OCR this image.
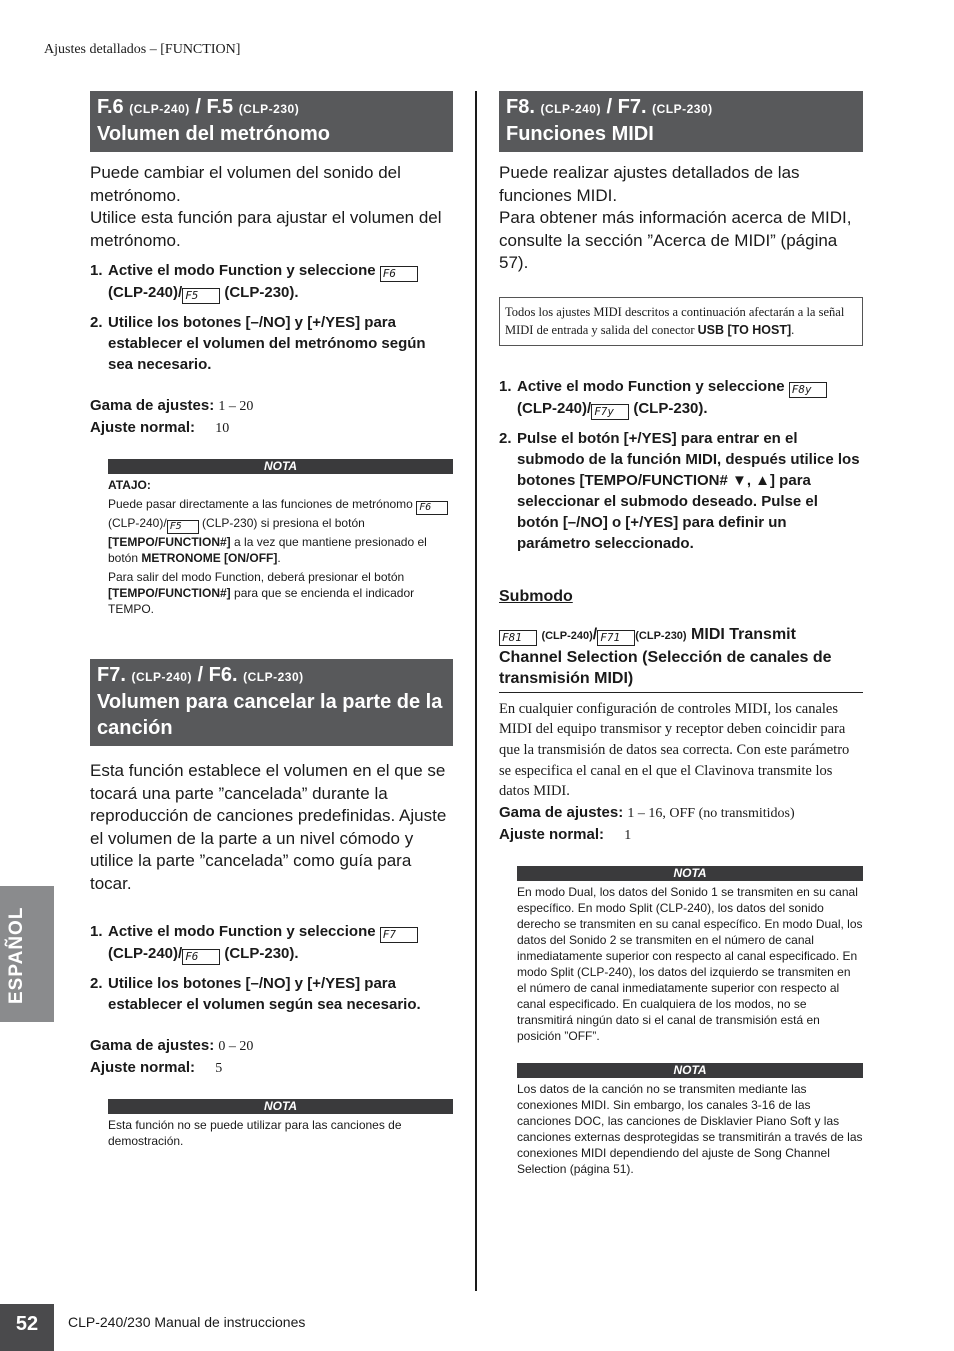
Ajustes detallados – [FUNCTION]
F.6 (CLP-240) / F.5 (CLP-230)
Volumen del metrónomo
Puede cambiar el volumen del sonido del metrónomo.
Utilice esta función para ajustar el volumen del metrónomo.
1. Active el modo Function y seleccione F6 (CLP-240)/ F5 (CLP-230).
2. Utilice los botones [–/NO] y [+/YES] para establecer el volumen del metrónomo según sea necesario.
Gama de ajustes: 1 – 20
Ajuste normal: 10
NOTA
ATAJO:
Puede pasar directamente a las funciones de metrónomo F6 (CLP-240)/ F5 (CLP-230) si presiona el botón [TEMPO/FUNCTION#] a la vez que mantiene presionado el botón METRONOME [ON/OFF].
Para salir del modo Function, deberá presionar el botón [TEMPO/FUNCTION#] para que se encienda el indicador TEMPO.
F7. (CLP-240) / F6. (CLP-230)
Volumen para cancelar la parte de la canción
Esta función establece el volumen en el que se tocará una parte ”cancelada” durante la reproducción de canciones predefinidas. Ajuste el volumen de la parte a un nivel cómodo y utilice la parte ”cancelada” como guía para tocar.
1. Active el modo Function y seleccione F7 (CLP-240)/ F6 (CLP-230).
2. Utilice los botones [–/NO] y [+/YES] para establecer el volumen según sea necesario.
Gama de ajustes: 0 – 20
Ajuste normal: 5
NOTA
Esta función no se puede utilizar para las canciones de demostración.
F8. (CLP-240) / F7. (CLP-230)
Funciones MIDI
Puede realizar ajustes detallados de las funciones MIDI.
Para obtener más información acerca de MIDI, consulte la sección ”Acerca de MIDI” (página 57).
Todos los ajustes MIDI descritos a continuación afectarán a la señal MIDI de entrada y salida del conector USB [TO HOST].
1. Active el modo Function y seleccione F8y (CLP-240)/ F7y (CLP-230).
2. Pulse el botón [+/YES] para entrar en el submodo de la función MIDI, después utilice los botones [TEMPO/FUNCTION# ▼, ▲] para seleccionar el submodo deseado. Pulse el botón [–/NO] o [+/YES] para definir un parámetro seleccionado.
Submodo
F81 (CLP-240)/ F71 (CLP-230) MIDI Transmit Channel Selection (Selección de canales de transmisión MIDI)
En cualquier configuración de controles MIDI, los canales MIDI del equipo transmisor y receptor deben coincidir para que la transmisión de datos sea correcta. Con este parámetro se especifica el canal en el que el Clavinova transmite los datos MIDI.
Gama de ajustes: 1 – 16, OFF (no transmitidos)
Ajuste normal: 1
NOTA
En modo Dual, los datos del Sonido 1 se transmiten en su canal específico. En modo Split (CLP-240), los datos del sonido derecho se transmiten en su canal específico. En modo Dual, los datos del Sonido 2 se transmiten en el número de canal inmediatamente superior con respecto al canal especificado. En modo Split (CLP-240), los datos del izquierdo se transmiten en el número de canal inmediatamente superior con respecto al canal especificado. En cualquiera de los modos, no se transmitirá ningún dato si el canal de transmisión está en posición ”OFF”.
NOTA
Los datos de la canción no se transmiten mediante las conexiones MIDI. Sin embargo, los canales 3-16 de las canciones DOC, las canciones de Disklavier Piano Soft y las canciones externas desprotegidas se transmitirán a través de las conexiones MIDI dependiendo del ajuste de Song Channel Selection (página 51).
ESPAÑOL
52	CLP-240/230 Manual de instrucciones
